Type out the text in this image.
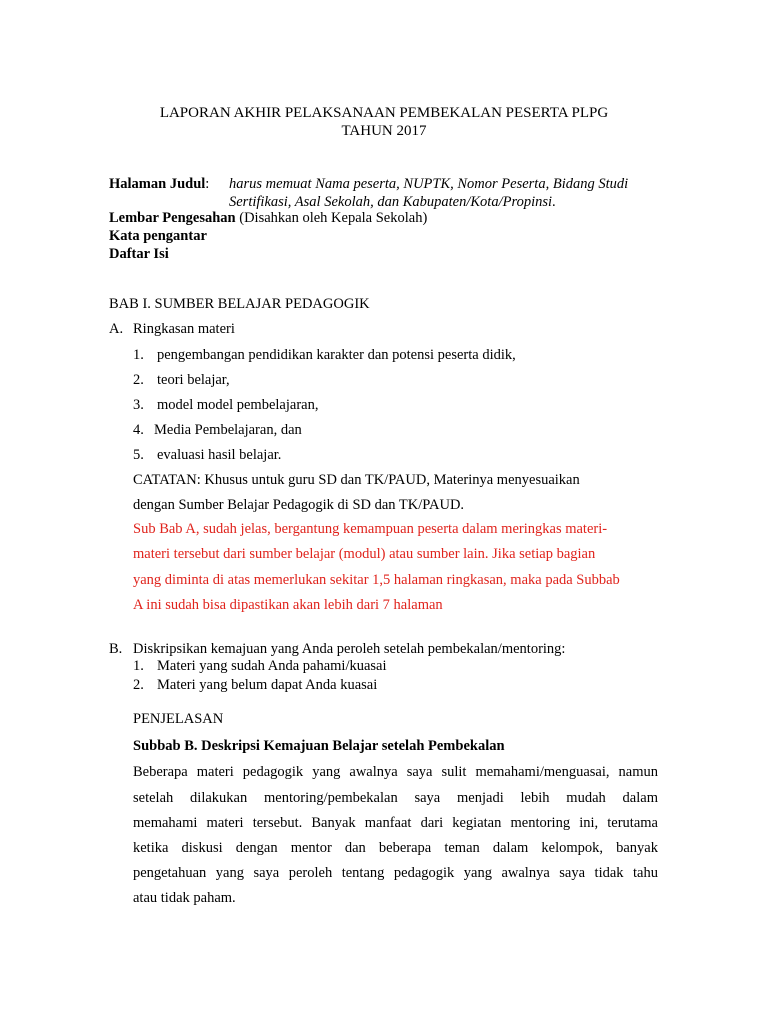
LAPORAN AKHIR PELAKSANAAN PEMBEKALAN PESERTA PLPG
TAHUN 2017
Halaman Judul: harus memuat Nama peserta, NUPTK, Nomor Peserta, Bidang Studi
Sertifikasi, Asal Sekolah, dan Kabupaten/Kota/Propinsi.
Lembar Pengesahan (Disahkan oleh Kepala Sekolah)
Kata pengantar
Daftar Isi
BAB I. SUMBER BELAJAR PEDAGOGIK
A. Ringkasan materi
1. pengembangan pendidikan karakter dan potensi peserta didik,
2. teori belajar,
3. model model pembelajaran,
4. Media Pembelajaran, dan
5. evaluasi hasil belajar.
CATATAN: Khusus untuk guru SD dan TK/PAUD, Materinya menyesuaikan
dengan Sumber Belajar Pedagogik di SD dan TK/PAUD.
Sub Bab A, sudah jelas, bergantung kemampuan peserta dalam meringkas materi-
materi tersebut dari sumber belajar (modul) atau sumber lain. Jika setiap bagian
yang diminta di atas memerlukan sekitar 1,5 halaman ringkasan, maka pada Subbab
A ini sudah bisa dipastikan akan lebih dari 7 halaman
B. Diskripsikan kemajuan yang Anda peroleh setelah pembekalan/mentoring:
1. Materi yang sudah Anda pahami/kuasai
2. Materi yang belum dapat Anda kuasai
PENJELASAN
Subbab B. Deskripsi Kemajuan Belajar setelah Pembekalan
Beberapa materi pedagogik yang awalnya saya sulit memahami/menguasai, namun
setelah dilakukan mentoring/pembekalan saya menjadi lebih mudah dalam
memahami materi tersebut. Banyak manfaat dari kegiatan mentoring ini, terutama
ketika diskusi dengan mentor dan beberapa teman dalam kelompok, banyak
pengetahuan yang saya peroleh tentang pedagogik yang awalnya saya tidak tahu
atau tidak paham.
